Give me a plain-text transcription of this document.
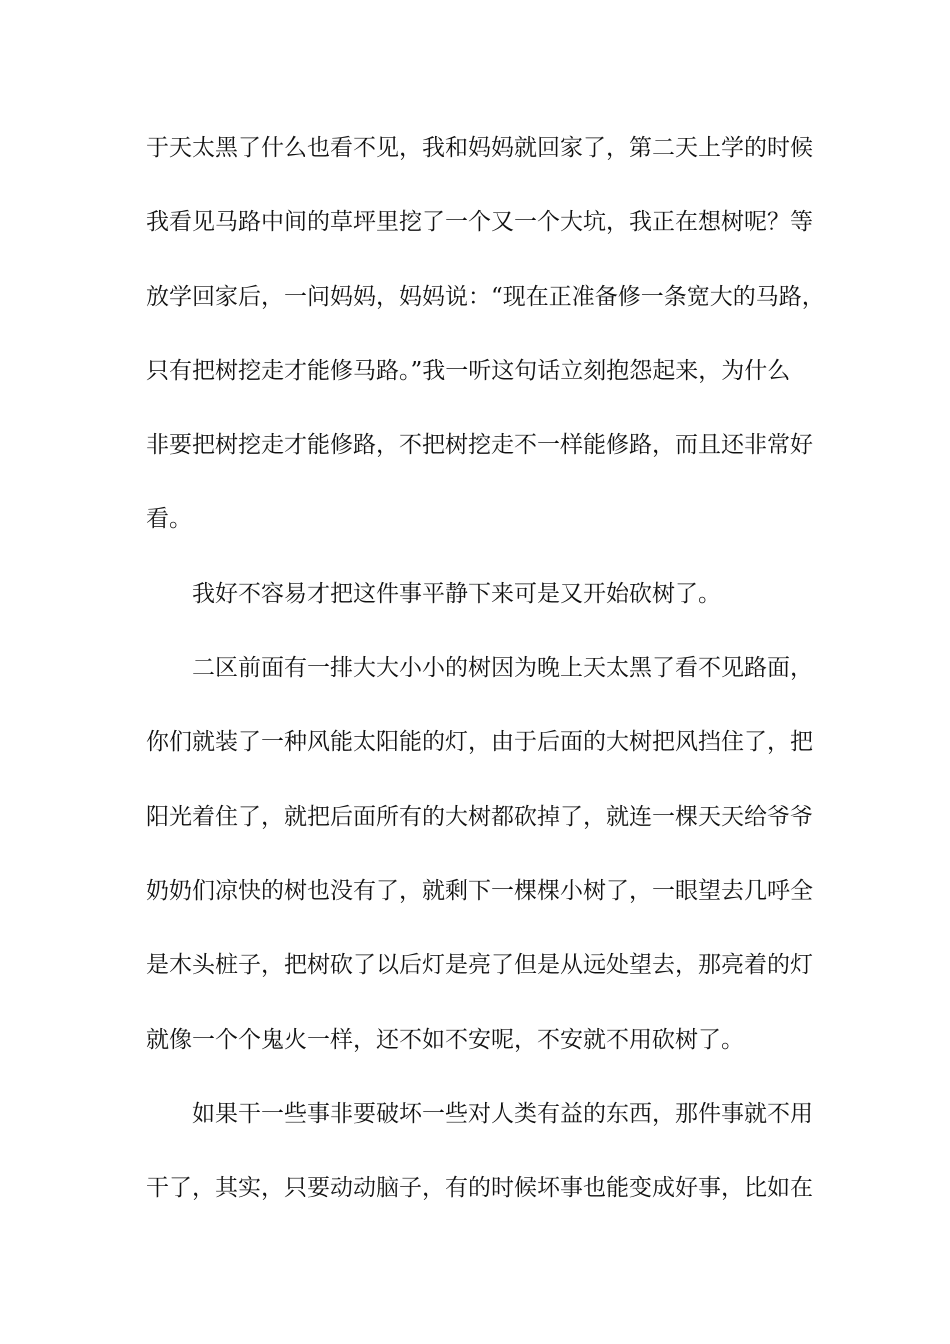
于天太黑了什么也看不见，我和妈妈就回家了，第二天上学的时候
我看见马路中间的草坪里挖了一个又一个大坑，我正在想树呢？等
放学回家后，一问妈妈，妈妈说：“现在正准备修一条宽大的马路，
只有把树挖走才能修马路。”我一听这句话立刻抱怨起来，为什么
非要把树挖走才能修路，不把树挖走不一样能修路，而且还非常好
看。
我好不容易才把这件事平静下来可是又开始砍树了。
二区前面有一排大大小小的树因为晚上天太黑了看不见路面，
你们就装了一种风能太阳能的灯，由于后面的大树把风挡住了，把
阳光着住了，就把后面所有的大树都砍掉了，就连一棵天天给爷爷
奶奶们凉快的树也没有了，就剩下一棵棵小树了，一眼望去几呼全
是木头桩子，把树砍了以后灯是亮了但是从远处望去，那亮着的灯
就像一个个鬼火一样，还不如不安呢，不安就不用砍树了。
如果干一些事非要破坏一些对人类有益的东西，那件事就不用
干了，其实，只要动动脑子，有的时候坏事也能变成好事，比如在
